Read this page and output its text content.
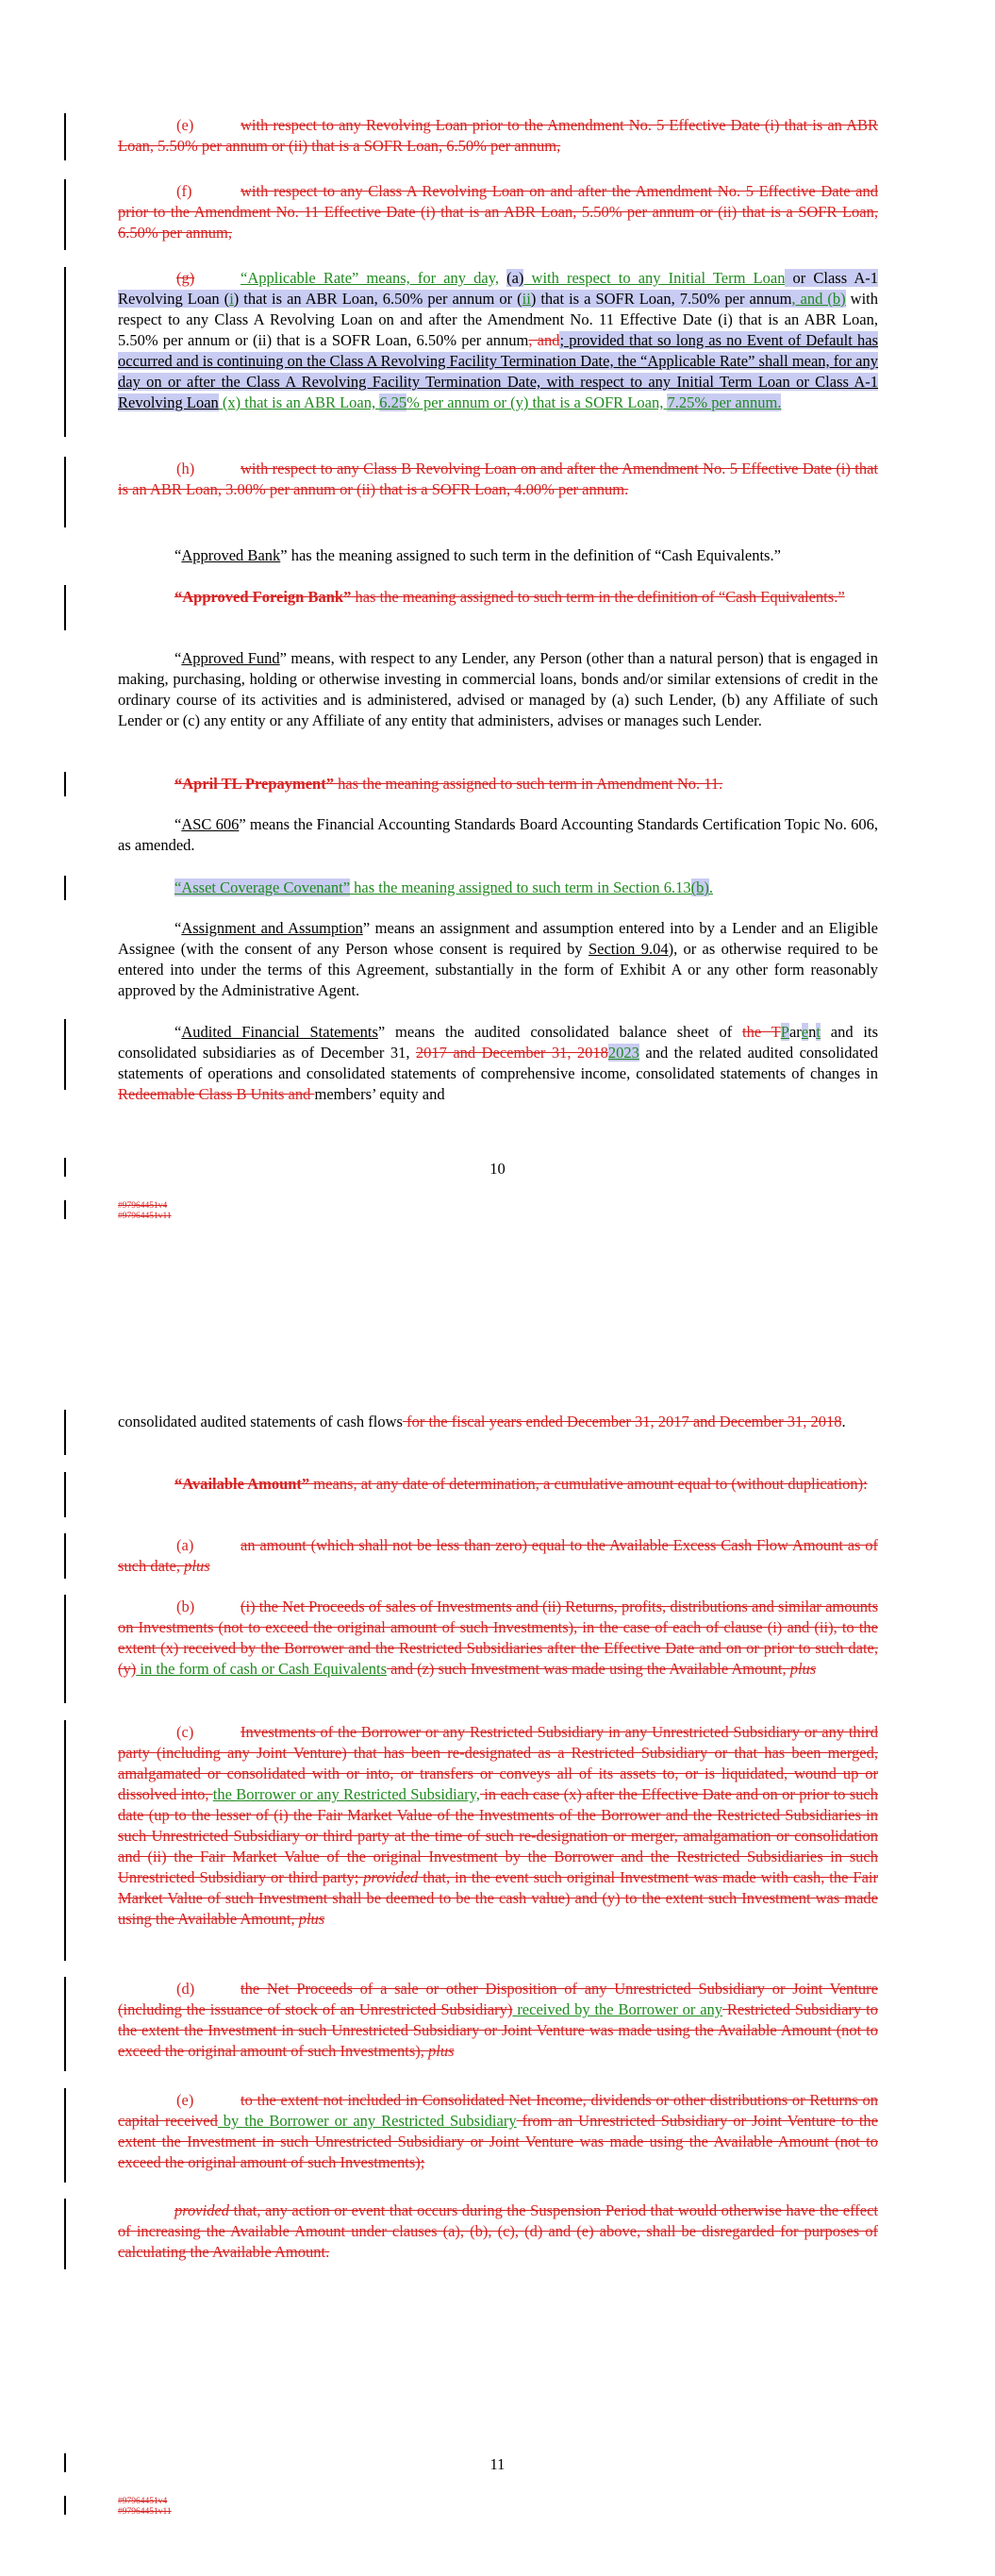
(e)	with respect to any Revolving Loan prior to the Amendment No. 5 Effective Date (i) that is an ABR Loan, 5.50% per annum or (ii) that is a SOFR Loan, 6.50% per annum,

(f)	with respect to any Class A Revolving Loan on and after the Amendment No. 5 Effective Date and prior to the Amendment No. 11 Effective Date (i) that is an ABR Loan, 5.50% per annum or (ii) that is a SOFR Loan, 6.50% per annum,

(g)	“Applicable Rate” means, for any day, (a) with respect to any Initial Term Loan or Class A-1 Revolving Loan (i) that is an ABR Loan, 6.50% per annum or (ii) that is a SOFR Loan, 7.50% per annum, and (b) with respect to any Class A Revolving Loan on and after the Amendment No. 11 Effective Date (i) that is an ABR Loan, 5.50% per annum or (ii) that is a SOFR Loan, 6.50% per annum, and; provided that so long as no Event of Default has occurred and is continuing on the Class A Revolving Facility Termination Date, the “Applicable Rate” shall mean, for any day on or after the Class A Revolving Facility Termination Date, with respect to any Initial Term Loan or Class A-1 Revolving Loan (x) that is an ABR Loan, 6.25% per annum or (y) that is a SOFR Loan, 7.25% per annum.

(h)	with respect to any Class B Revolving Loan on and after the Amendment No. 5 Effective Date (i) that is an ABR Loan, 3.00% per annum or (ii) that is a SOFR Loan, 4.00% per annum.

“Approved Bank” has the meaning assigned to such term in the definition of “Cash Equivalents.”

“Approved Foreign Bank” has the meaning assigned to such term in the definition of “Cash Equivalents.”

“Approved Fund” means, with respect to any Lender, any Person (other than a natural person) that is engaged in making, purchasing, holding or otherwise investing in commercial loans, bonds and/or similar extensions of credit in the ordinary course of its activities and is administered, advised or managed by (a) such Lender, (b) any Affiliate of such Lender or (c) any entity or any Affiliate of any entity that administers, advises or manages such Lender.

“April TL Prepayment” has the meaning assigned to such term in Amendment No. 11.

“ASC 606” means the Financial Accounting Standards Board Accounting Standards Certification Topic No. 606, as amended.

“Asset Coverage Covenant” has the meaning assigned to such term in Section 6.13(b).

“Assignment and Assumption” means an assignment and assumption entered into by a Lender and an Eligible Assignee (with the consent of any Person whose consent is required by Section 9.04), or as otherwise required to be entered into under the terms of this Agreement, substantially in the form of Exhibit A or any other form reasonably approved by the Administrative Agent.

“Audited Financial Statements” means the audited consolidated balance sheet of the TParent and its consolidated subsidiaries as of December 31, 2017 and December 31, 20182023 and the related audited consolidated statements of operations and consolidated statements of comprehensive income, consolidated statements of changes in Redeemable Class B Units and members’ equity and

10
#97964451v4
#97964451v11

consolidated audited statements of cash flows for the fiscal years ended December 31, 2017 and December 31, 2018.

“Available Amount” means, at any date of determination, a cumulative amount equal to (without duplication):

(a)	an amount (which shall not be less than zero) equal to the Available Excess Cash Flow Amount as of such date, plus

(b)	(i) the Net Proceeds of sales of Investments and (ii) Returns, profits, distributions and similar amounts on Investments (not to exceed the original amount of such Investments), in the case of each of clause (i) and (ii), to the extent (x) received by the Borrower and the Restricted Subsidiaries after the Effective Date and on or prior to such date, (y) in the form of cash or Cash Equivalents and (z) such Investment was made using the Available Amount, plus

(c)	Investments of the Borrower or any Restricted Subsidiary in any Unrestricted Subsidiary or any third party (including any Joint Venture) that has been re-designated as a Restricted Subsidiary or that has been merged, amalgamated or consolidated with or into, or transfers or conveys all of its assets to, or is liquidated, wound up or dissolved into, the Borrower or any Restricted Subsidiary, in each case (x) after the Effective Date and on or prior to such date (up to the lesser of (i) the Fair Market Value of the Investments of the Borrower and the Restricted Subsidiaries in such Unrestricted Subsidiary or third party at the time of such re-designation or merger, amalgamation or consolidation and (ii) the Fair Market Value of the original Investment by the Borrower and the Restricted Subsidiaries in such Unrestricted Subsidiary or third party; provided that, in the event such original Investment was made with cash, the Fair Market Value of such Investment shall be deemed to be the cash value) and (y) to the extent such Investment was made using the Available Amount, plus

(d)	the Net Proceeds of a sale or other Disposition of any Unrestricted Subsidiary or Joint Venture (including the issuance of stock of an Unrestricted Subsidiary) received by the Borrower or any Restricted Subsidiary to the extent the Investment in such Unrestricted Subsidiary or Joint Venture was made using the Available Amount (not to exceed the original amount of such Investments), plus

(e)	to the extent not included in Consolidated Net Income, dividends or other distributions or Returns on capital received by the Borrower or any Restricted Subsidiary from an Unrestricted Subsidiary or Joint Venture to the extent the Investment in such Unrestricted Subsidiary or Joint Venture was made using the Available Amount (not to exceed the original amount of such Investments);

provided that, any action or event that occurs during the Suspension Period that would otherwise have the effect of increasing the Available Amount under clauses (a), (b), (c), (d) and (e) above, shall be disregarded for purposes of calculating the Available Amount.

11
#97964451v4
#97964451v11
